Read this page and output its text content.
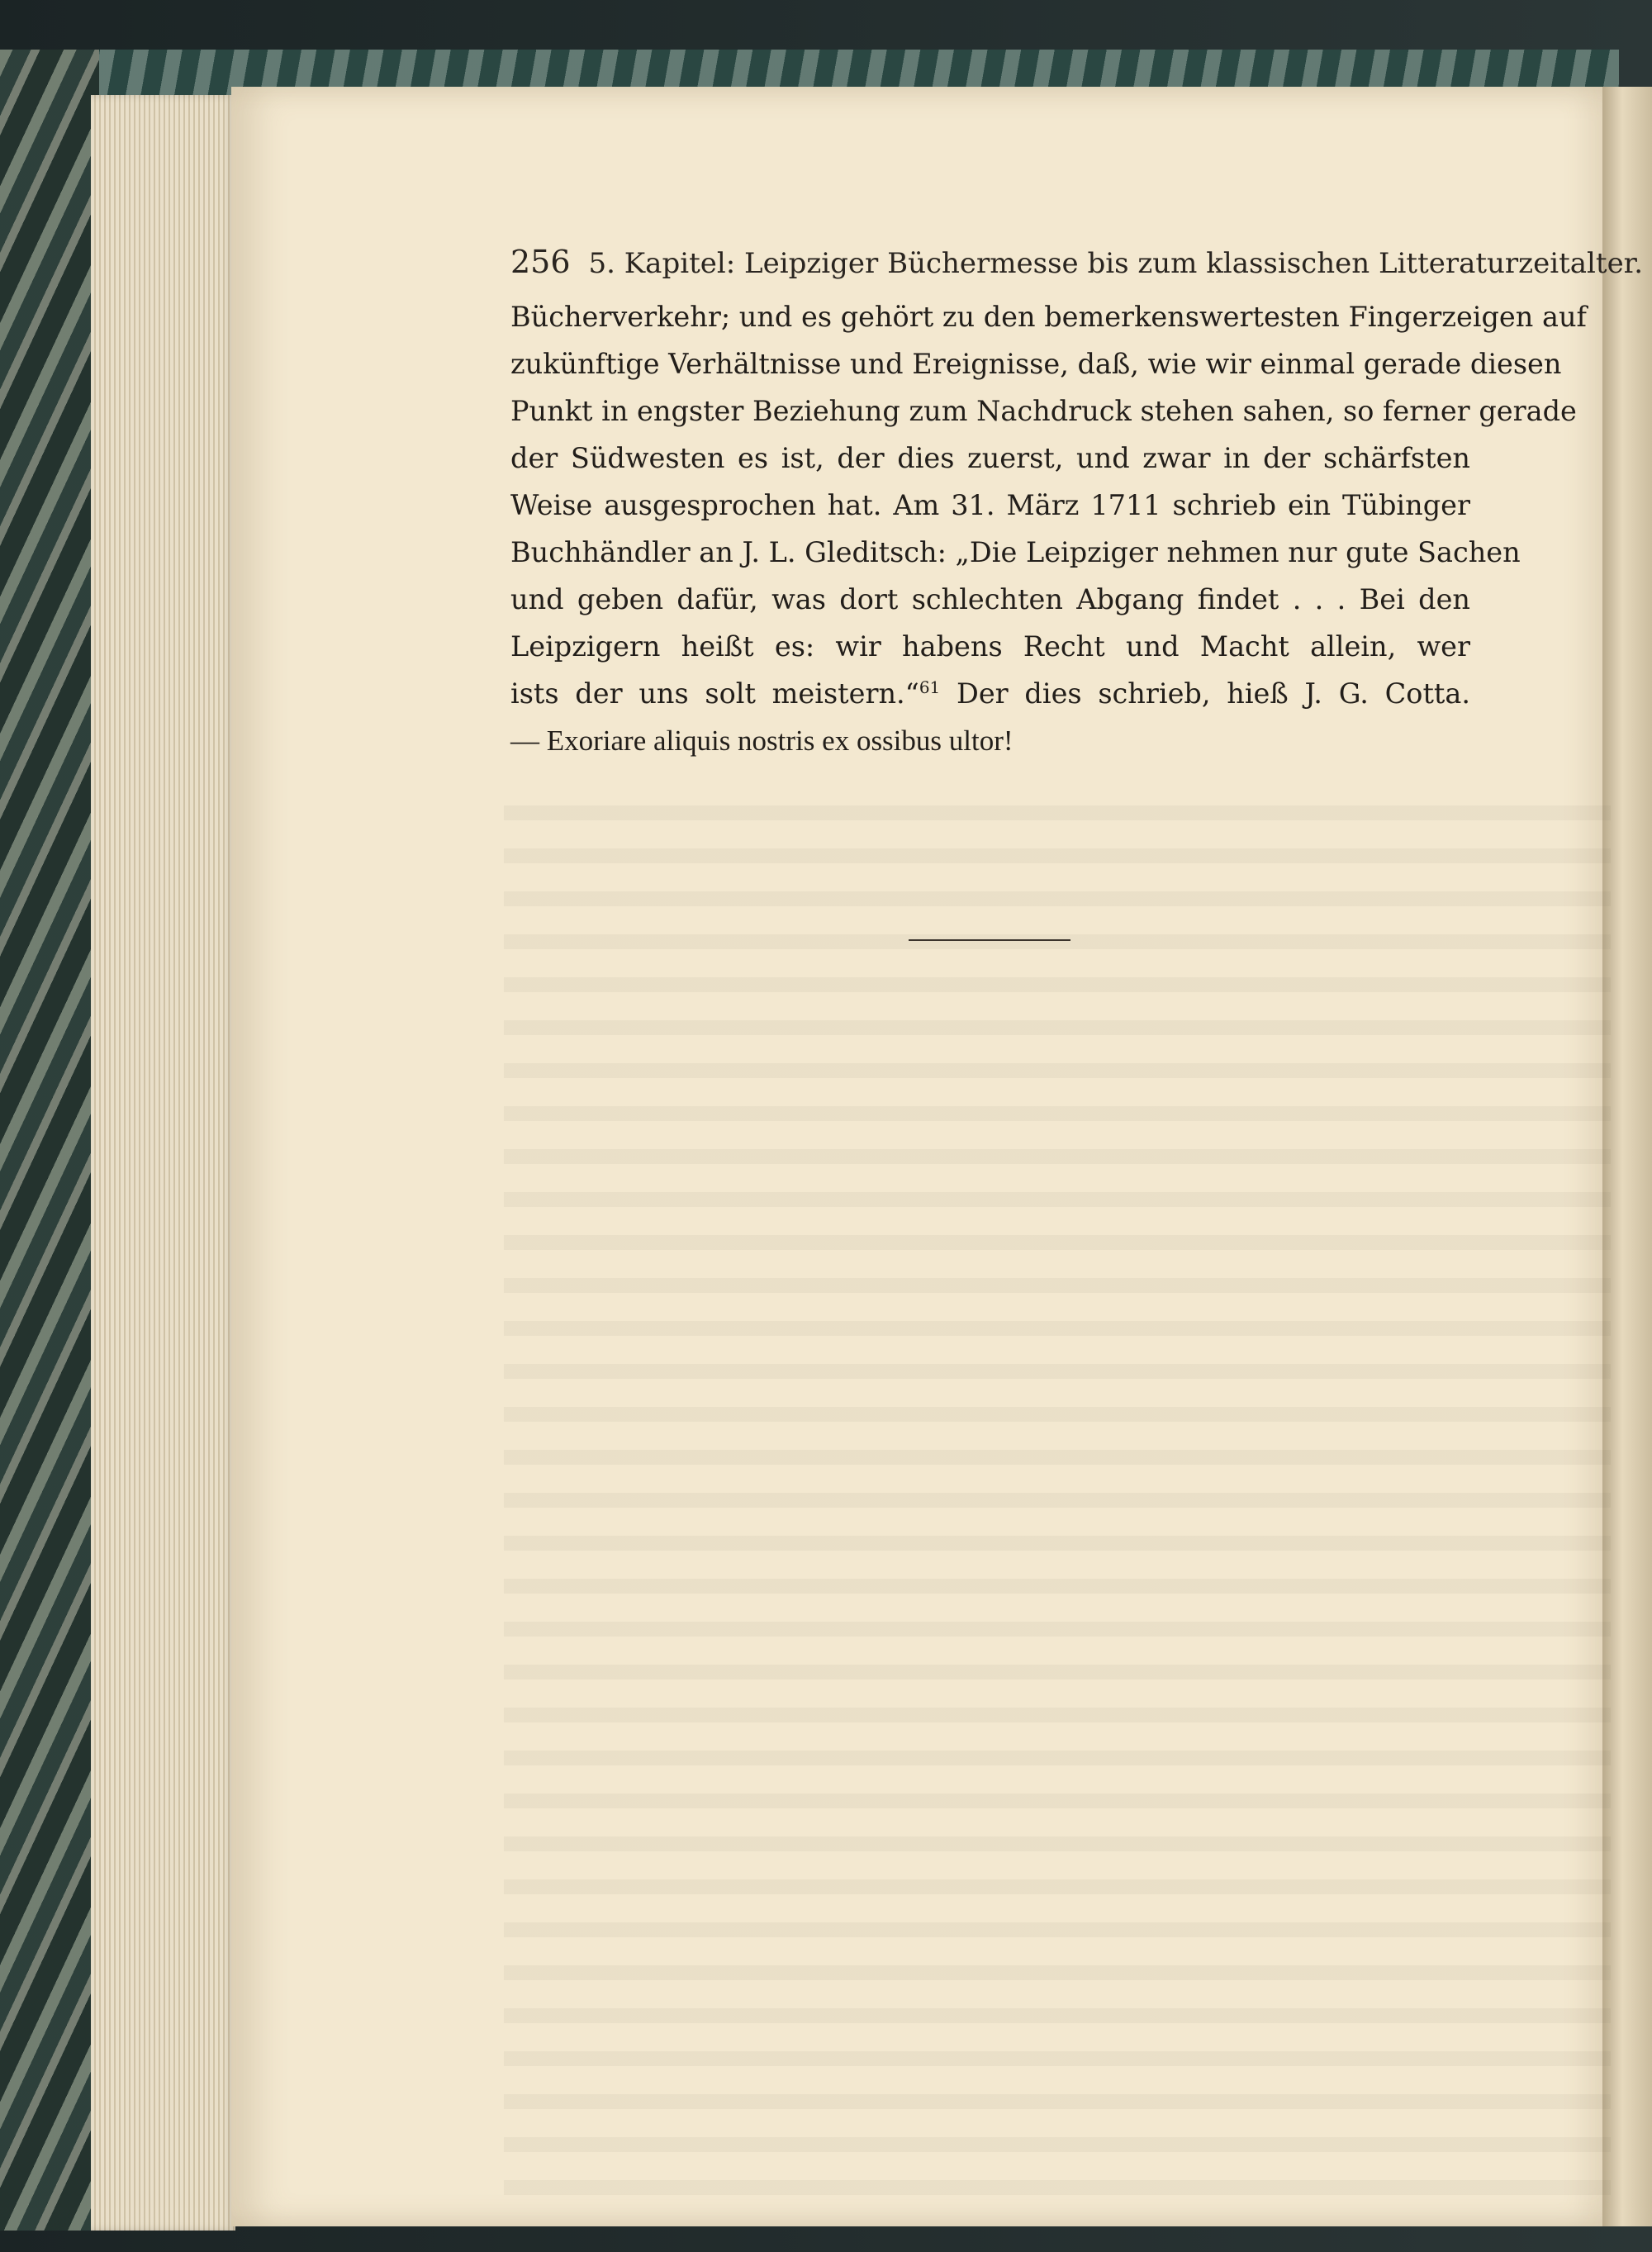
256 5. Kapitel: Leipziger Büchermesse bis zum klassischen Litteraturzeitalter.
Bücherverkehr; und es gehört zu den bemerkenswertesten Fingerzeigen auf
zukünftige Verhältnisse und Ereignisse, daß, wie wir einmal gerade diesen
Punkt in engster Beziehung zum Nachdruck stehen sahen, so ferner gerade
der Südwesten es ist, der dies zuerst, und zwar in der schärfsten
Weise ausgesprochen hat. Am 31. März 1711 schrieb ein Tübinger
Buchhändler an J. L. Gleditsch: „Die Leipziger nehmen nur gute Sachen
und geben dafür, was dort schlechten Abgang findet . . . Bei den
Leipzigern heißt es: wir habens Recht und Macht allein, wer
ists der uns solt meistern.“$^{61}$ Der dies schrieb, hieß J. G. Cotta.
— Exoriare aliquis nostris ex ossibus ultor!
